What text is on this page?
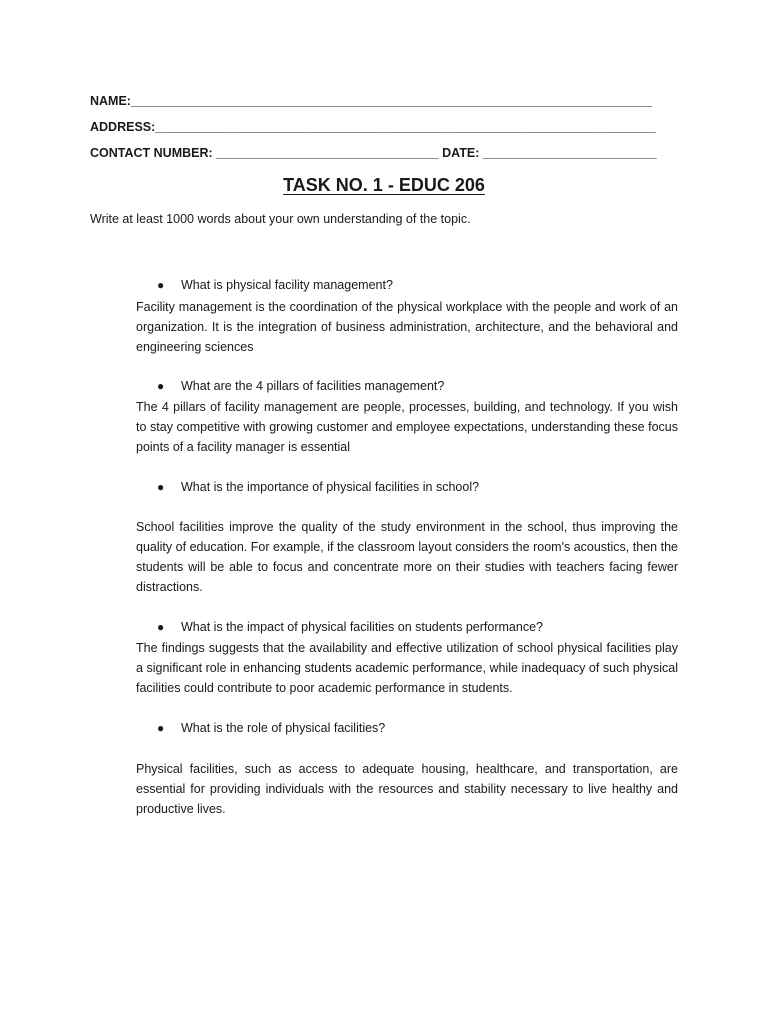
NAME:___________________________________________________________________________
ADDRESS:________________________________________________________________________
CONTACT NUMBER: ________________________________ DATE: _________________________
TASK NO. 1 - EDUC 206
Write at least 1000 words about your own understanding of the topic.
●	What is physical facility management?

Facility management is the coordination of the physical workplace with the people and work of an organization. It is the integration of business administration, architecture, and the behavioral and engineering sciences

●	What are the 4 pillars of facilities management?

The 4 pillars of facility management are people, processes, building, and technology. If you wish to stay competitive with growing customer and employee expectations, understanding these focus points of a facility manager is essential

●	What is the importance of physical facilities in school?

School facilities improve the quality of the study environment in the school, thus improving the quality of education. For example, if the classroom layout considers the room's acoustics, then the students will be able to focus and concentrate more on their studies with teachers facing fewer distractions.

●	What is the impact of physical facilities on students performance?

The findings suggests that the availability and effective utilization of school physical facilities play a significant role in enhancing students academic performance, while inadequacy of such physical facilities could contribute to poor academic performance in students.

●	What is the role of physical facilities?

Physical facilities, such as access to adequate housing, healthcare, and transportation, are essential for providing individuals with the resources and stability necessary to live healthy and productive lives.
